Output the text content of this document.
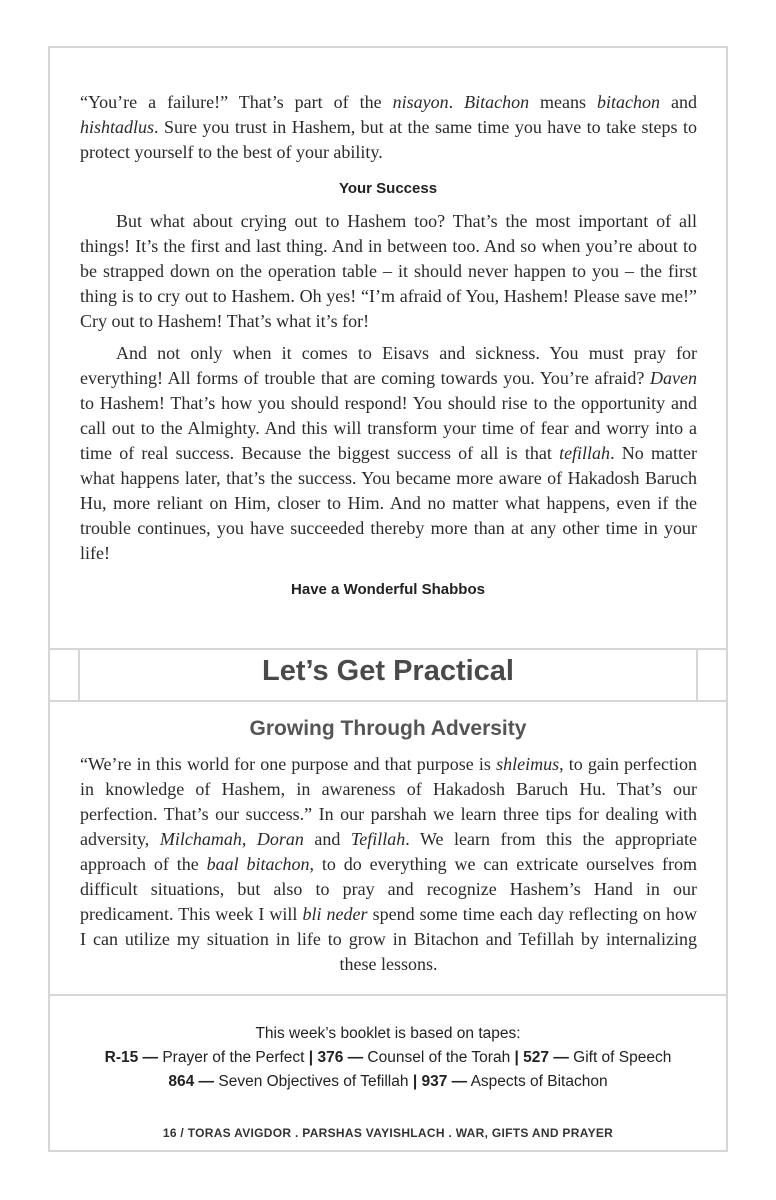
“You’re a failure!” That’s part of the nisayon. Bitachon means bitachon and hishtadlus. Sure you trust in Hashem, but at the same time you have to take steps to protect yourself to the best of your ability.

Your Success

But what about crying out to Hashem too? That’s the most important of all things! It’s the first and last thing. And in between too. And so when you’re about to be strapped down on the operation table – it should never happen to you – the first thing is to cry out to Hashem. Oh yes! “I’m afraid of You, Hashem! Please save me!” Cry out to Hashem! That’s what it’s for!

And not only when it comes to Eisavs and sickness. You must pray for everything! All forms of trouble that are coming towards you. You’re afraid? Daven to Hashem! That’s how you should respond! You should rise to the opportunity and call out to the Almighty. And this will transform your time of fear and worry into a time of real success. Because the biggest success of all is that tefillah. No matter what happens later, that’s the success. You became more aware of Hakadosh Baruch Hu, more reliant on Him, closer to Him. And no matter what happens, even if the trouble continues, you have succeeded thereby more than at any other time in your life!

Have a Wonderful Shabbos
Let’s Get Practical
Growing Through Adversity

“We’re in this world for one purpose and that purpose is shleimus, to gain perfection in knowledge of Hashem, in awareness of Hakadosh Baruch Hu. That’s our perfection. That’s our success.” In our parshah we learn three tips for dealing with adversity, Milchamah, Doran and Tefillah. We learn from this the appropriate approach of the baal bitachon, to do everything we can extricate ourselves from difficult situations, but also to pray and recognize Hashem’s Hand in our predicament. This week I will bli neder spend some time each day reflecting on how I can utilize my situation in life to grow in Bitachon and Tefillah by internalizing these lessons.

This week’s booklet is based on tapes:
R-15 — Prayer of the Perfect | 376 — Counsel of the Torah | 527 — Gift of Speech
864 — Seven Objectives of Tefillah | 937 — Aspects of Bitachon
16 / TORAS AVIGDOR . PARSHAS VAYISHLACH . WAR, GIFTS AND PRAYER
